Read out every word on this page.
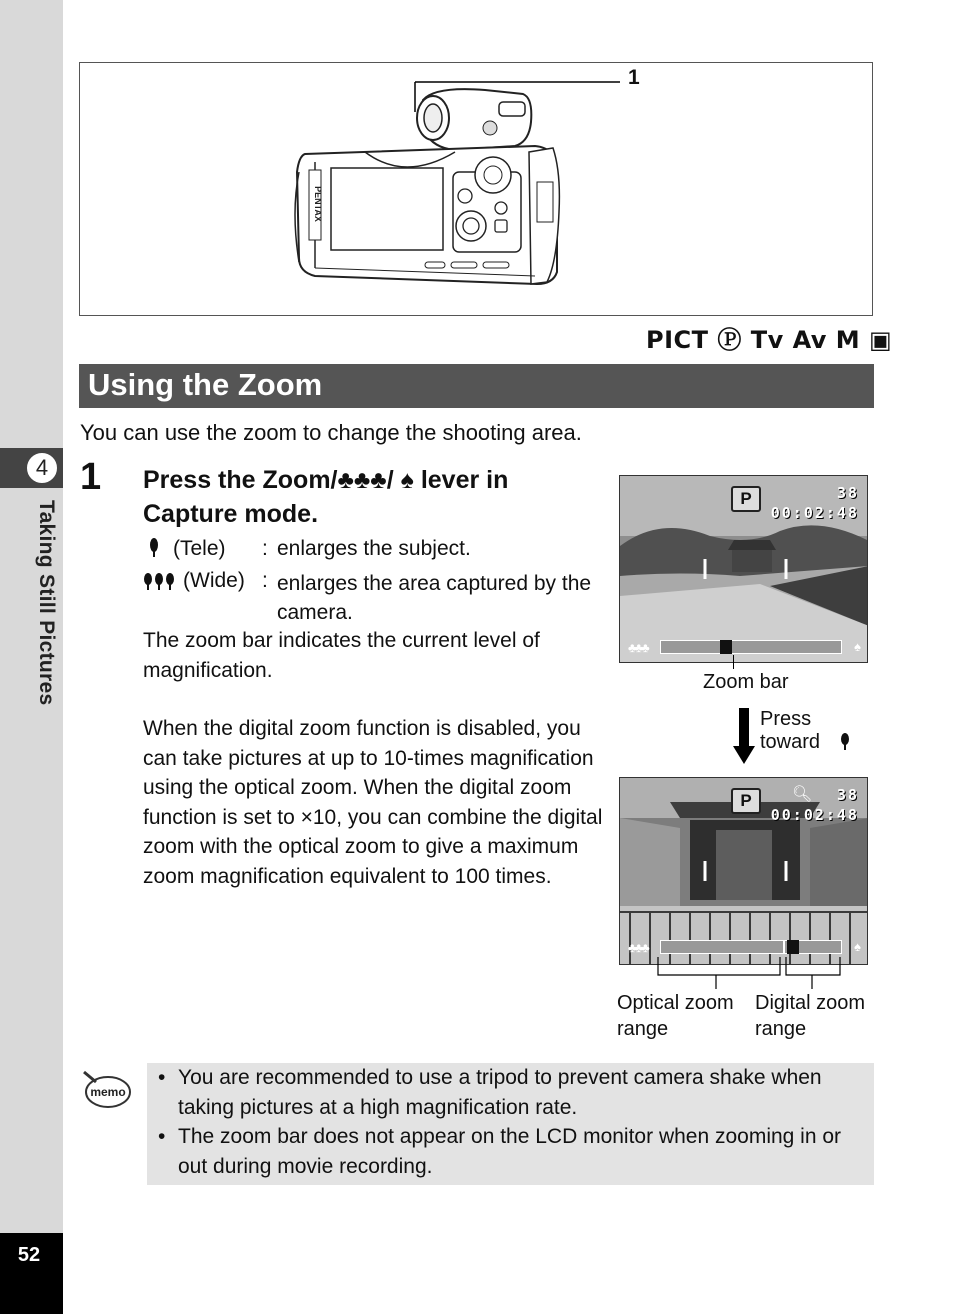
4
Taking Still Pictures
52
PENTAX
1
PICT Ⓟ Tv Av M ▣
Using the Zoom
You can use the zoom to change the shooting area.
1 Press the Zoom/♣♣♣/ ♠ lever in Capture mode.
(Tele) : enlarges the subject.
(Wide) : enlarges the area captured by the camera.
The zoom bar indicates the current level of magnification.
When the digital zoom function is disabled, you can take pictures at up to 10-times magnification using the optical zoom. When the digital zoom function is set to ×10, you can combine the digital zoom with the optical zoom to give a maximum zoom magnification equivalent to 100 times.
P	38
00:02:48
♣♣♣	♠
Zoom bar
Press
toward
P	🔍︎ 38
00:02:48
♣♣♣	♠
Optical zoom
range
Digital zoom
range
memo
• You are recommended to use a tripod to prevent camera shake when taking pictures at a high magnification rate.
• The zoom bar does not appear on the LCD monitor when zooming in or out during movie recording.
